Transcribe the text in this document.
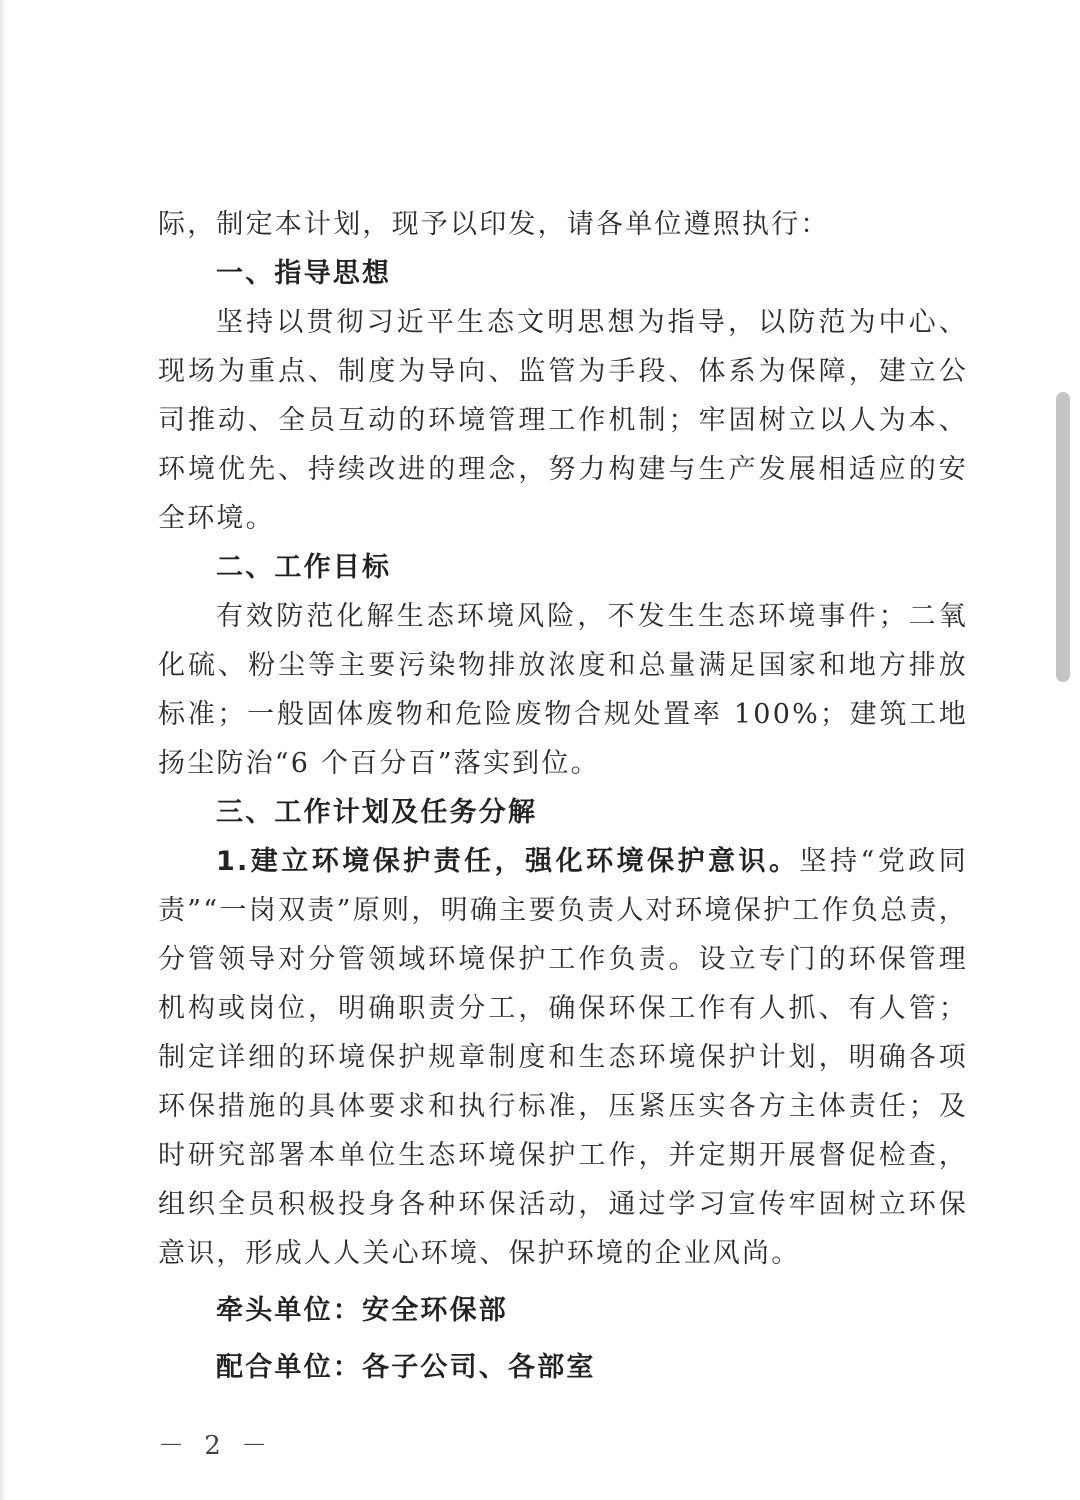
际，制定本计划，现予以印发，请各单位遵照执行：

一、指导思想

坚持以贯彻习近平生态文明思想为指导，以防范为中心、现场为重点、制度为导向、监管为手段、体系为保障，建立公司推动、全员互动的环境管理工作机制；牢固树立以人为本、环境优先、持续改进的理念，努力构建与生产发展相适应的安全环境。

二、工作目标

有效防范化解生态环境风险，不发生生态环境事件；二氧化硫、粉尘等主要污染物排放浓度和总量满足国家和地方排放标准；一般固体废物和危险废物合规处置率 100%；建筑工地扬尘防治“6 个百分百”落实到位。

三、工作计划及任务分解

1.建立环境保护责任，强化环境保护意识。坚持“党政同责”“一岗双责”原则，明确主要负责人对环境保护工作负总责，分管领导对分管领域环境保护工作负责。设立专门的环保管理机构或岗位，明确职责分工，确保环保工作有人抓、有人管；制定详细的环境保护规章制度和生态环境保护计划，明确各项环保措施的具体要求和执行标准，压紧压实各方主体责任；及时研究部署本单位生态环境保护工作，并定期开展督促检查，组织全员积极投身各种环保活动，通过学习宣传牢固树立环保意识，形成人人关心环境、保护环境的企业风尚。

牵头单位：安全环保部

配合单位：各子公司、各部室

－ 2 －
